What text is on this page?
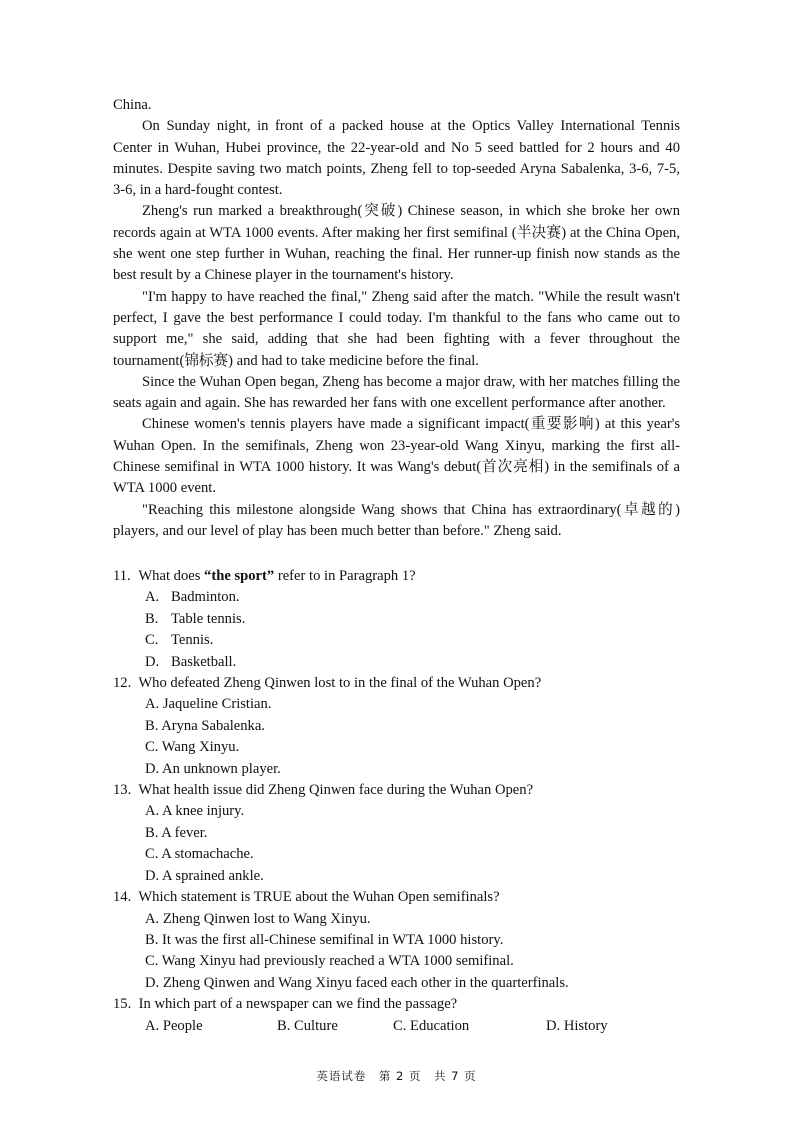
China.

On Sunday night, in front of a packed house at the Optics Valley International Tennis Center in Wuhan, Hubei province, the 22-year-old and No 5 seed battled for 2 hours and 40 minutes. Despite saving two match points, Zheng fell to top-seeded Aryna Sabalenka, 3-6, 7-5, 3-6, in a hard-fought contest.

Zheng's run marked a breakthrough(突破) Chinese season, in which she broke her own records again at WTA 1000 events. After making her first semifinal (半决赛) at the China Open, she went one step further in Wuhan, reaching the final. Her runner-up finish now stands as the best result by a Chinese player in the tournament's history.

"I'm happy to have reached the final," Zheng said after the match. "While the result wasn't perfect, I gave the best performance I could today. I'm thankful to the fans who came out to support me," she said, adding that she had been fighting with a fever throughout the tournament(锦标赛) and had to take medicine before the final.

Since the Wuhan Open began, Zheng has become a major draw, with her matches filling the seats again and again. She has rewarded her fans with one excellent performance after another.

Chinese women's tennis players have made a significant impact(重要影响) at this year's Wuhan Open. In the semifinals, Zheng won 23-year-old Wang Xinyu, marking the first all-Chinese semifinal in WTA 1000 history. It was Wang's debut(首次亮相) in the semifinals of a WTA 1000 event.

"Reaching this milestone alongside Wang shows that China has extraordinary(卓越的) players, and our level of play has been much better than before." Zheng said.

11. What does “the sport” refer to in Paragraph 1?
A. Badminton.
B. Table tennis.
C. Tennis.
D. Basketball.
12. Who defeated Zheng Qinwen lost to in the final of the Wuhan Open?
A. Jaqueline Cristian.
B. Aryna Sabalenka.
C. Wang Xinyu.
D. An unknown player.
13. What health issue did Zheng Qinwen face during the Wuhan Open?
A. A knee injury.
B. A fever.
C. A stomachache.
D. A sprained ankle.
14. Which statement is TRUE about the Wuhan Open semifinals?
A. Zheng Qinwen lost to Wang Xinyu.
B. It was the first all-Chinese semifinal in WTA 1000 history.
C. Wang Xinyu had previously reached a WTA 1000 semifinal.
D. Zheng Qinwen and Wang Xinyu faced each other in the quarterfinals.
15. In which part of a newspaper can we find the passage?
A. People	B. Culture	C. Education	D. History
英语试卷　第 2 页　共 7 页
